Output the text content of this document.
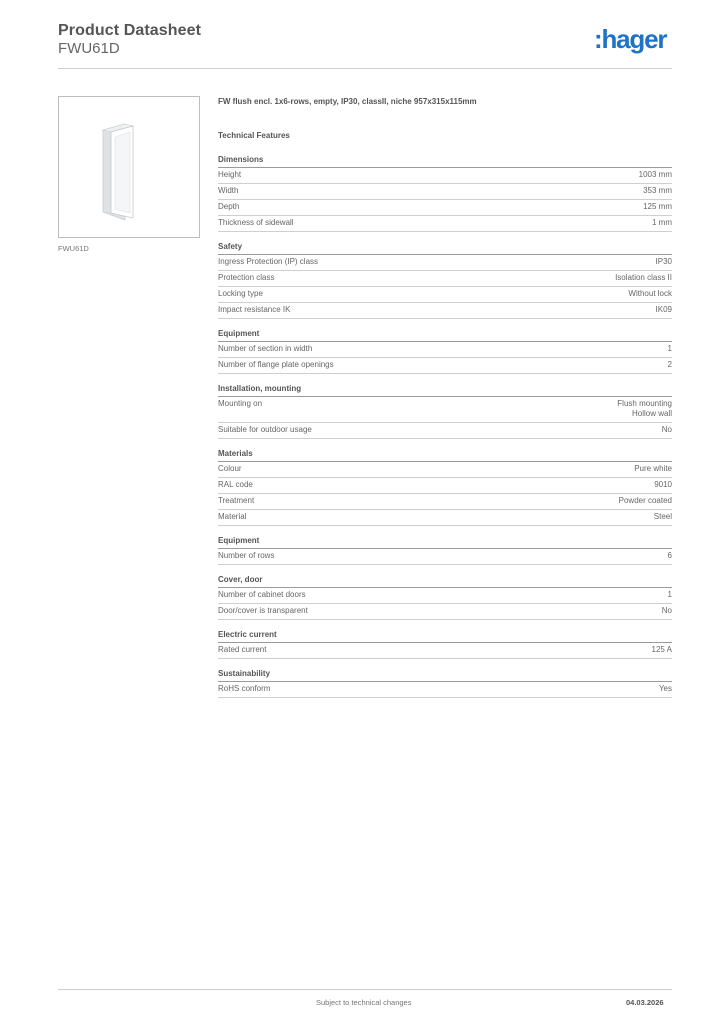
Product Datasheet
FWU61D	:hager
FWU61D
FW flush encl. 1x6-rows, empty, IP30, classII, niche 957x315x115mm
Technical Features
Dimensions
Height	1003 mm
Width	353 mm
Depth	125 mm
Thickness of sidewall	1 mm
Safety
Ingress Protection (IP) class	IP30
Protection class	Isolation class II
Locking type	Without lock
Impact resistance IK	IK09
Equipment
Number of section in width	1
Number of flange plate openings	2
Installation, mounting
Mounting on	Flush mounting
Hollow wall
Suitable for outdoor usage	No
Materials
Colour	Pure white
RAL code	9010
Treatment	Powder coated
Material	Steel
Equipment
Number of rows	6
Cover, door
Number of cabinet doors	1
Door/cover is transparent	No
Electric current
Rated current	125 A
Sustainability
RoHS conform	Yes
Subject to technical changes	04.03.2026
